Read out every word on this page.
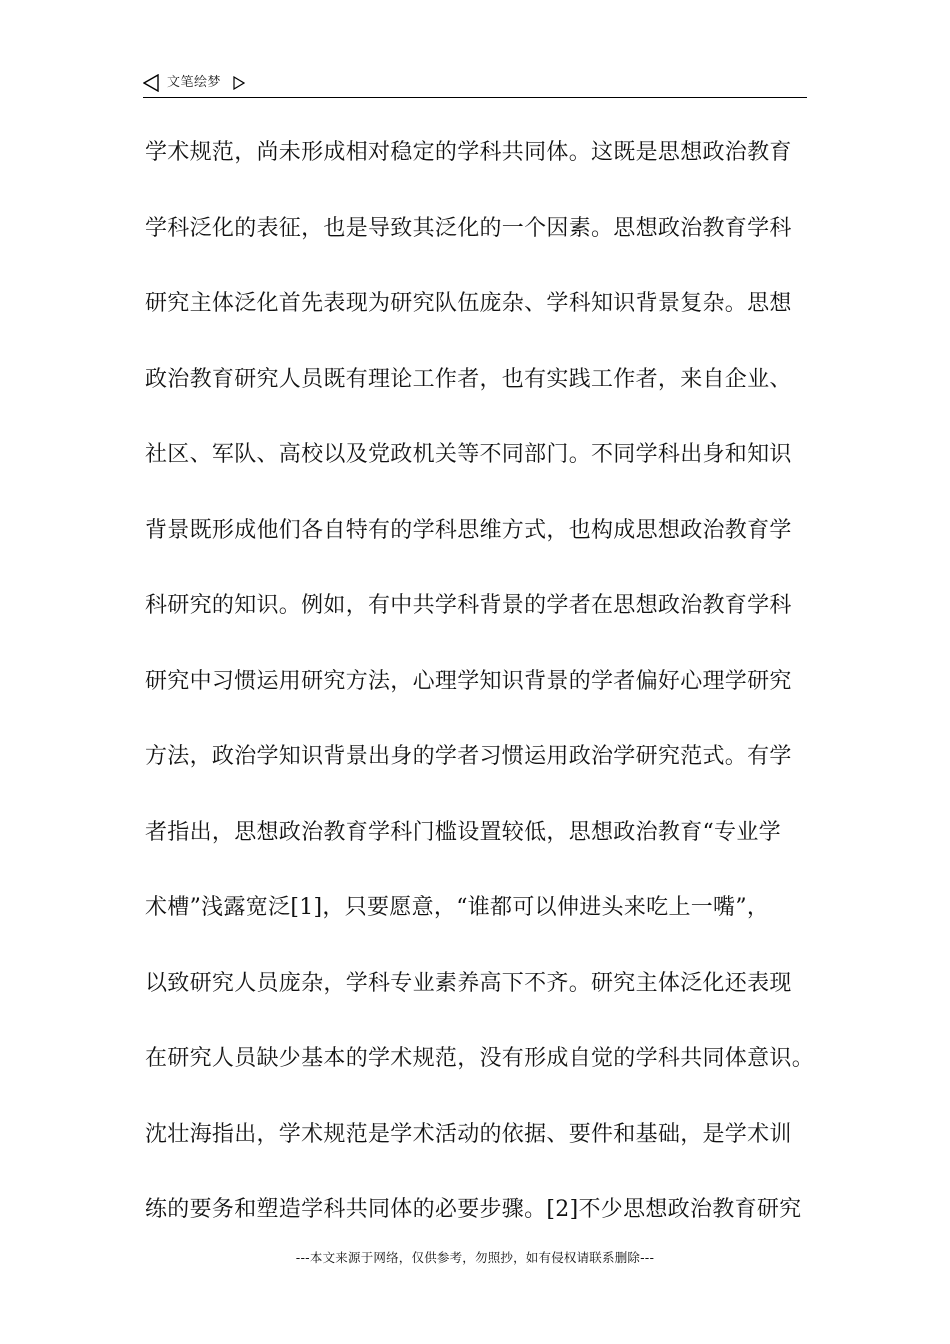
文笔绘梦
学术规范，尚未形成相对稳定的学科共同体。这既是思想政治教育
学科泛化的表征，也是导致其泛化的一个因素。思想政治教育学科
研究主体泛化首先表现为研究队伍庞杂、学科知识背景复杂。思想
政治教育研究人员既有理论工作者，也有实践工作者，来自企业、
社区、军队、高校以及党政机关等不同部门。不同学科出身和知识
背景既形成他们各自特有的学科思维方式，也构成思想政治教育学
科研究的知识。例如，有中共学科背景的学者在思想政治教育学科
研究中习惯运用研究方法，心理学知识背景的学者偏好心理学研究
方法，政治学知识背景出身的学者习惯运用政治学研究范式。有学
者指出，思想政治教育学科门槛设置较低，思想政治教育“专业学
术槽”浅露宽泛[1]，只要愿意，“谁都可以伸进头来吃上一嘴”，
以致研究人员庞杂，学科专业素养高下不齐。研究主体泛化还表现
在研究人员缺少基本的学术规范，没有形成自觉的学科共同体意识。
沈壮海指出，学术规范是学术活动的依据、要件和基础，是学术训
练的要务和塑造学科共同体的必要步骤。[2]不少思想政治教育研究
---本文来源于网络，仅供参考，勿照抄，如有侵权请联系删除---
